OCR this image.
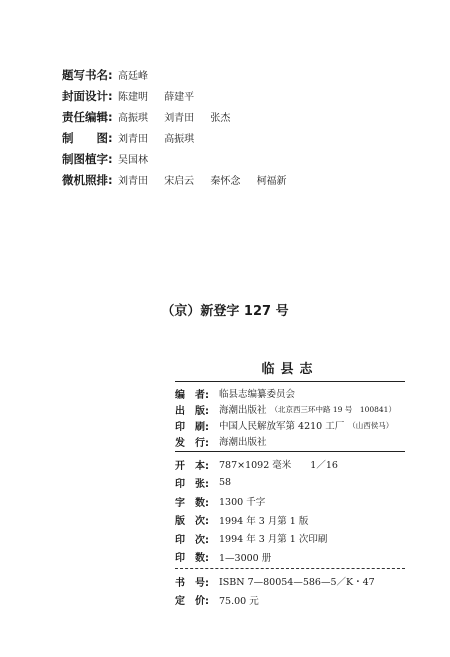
题写书名: 高廷峰
封面设计: 陈建明 薛建平
责任编辑: 高振琪 刘青田 张杰
制　　图: 刘青田 高振琪
制图植字: 吴国林
微机照排: 刘青田 宋启云 秦怀念 柯福新
（京）新登字 127 号
临县志
编　者:	临县志编纂委员会
出　版:	海潮出版社 （北京西三环中路 19 号　100841）
印　刷:	中国人民解放军第 4210 工厂 （山西侯马）
发　行:	海潮出版社
开　本:	787×1092 毫米　　1／16
印　张:	58
字　数:	1300 千字
版　次:	1994 年 3 月第 1 版
印　次:	1994 年 3 月第 1 次印刷
印　数:	1—3000 册
书　号:	ISBN 7—80054—586—5／K・47
定　价:	75.00 元
